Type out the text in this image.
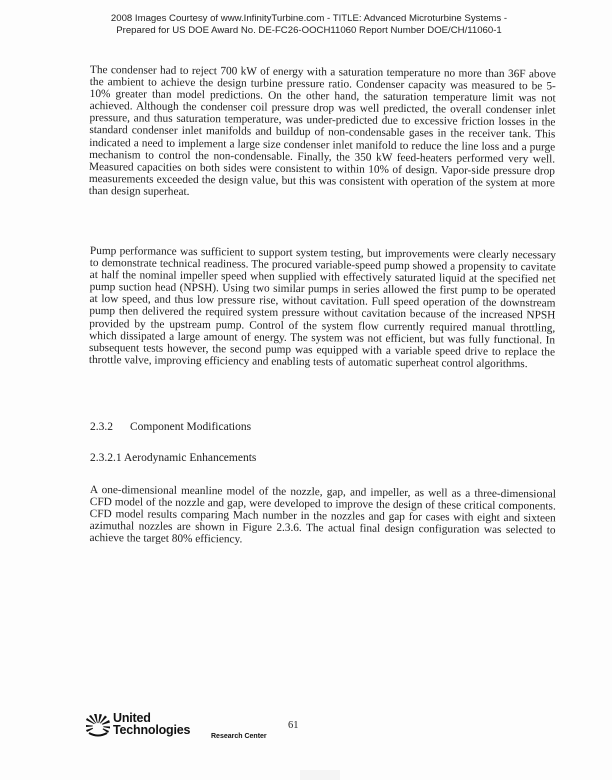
2008 Images Courtesy of www.InfinityTurbine.com - TITLE: Advanced Microturbine Systems -
Prepared for US DOE Award No. DE-FC26-OOCH11060 Report Number DOE/CH/11060-1

The condenser had to reject 700 kW of energy with a saturation temperature no more than 36F above the ambient to achieve the design turbine pressure ratio. Condenser capacity was measured to be 5-10% greater than model predictions. On the other hand, the saturation temperature limit was not achieved. Although the condenser coil pressure drop was well predicted, the overall condenser inlet pressure, and thus saturation temperature, was under-predicted due to excessive friction losses in the standard condenser inlet manifolds and buildup of non-condensable gases in the receiver tank. This indicated a need to implement a large size condenser inlet manifold to reduce the line loss and a purge mechanism to control the non-condensable. Finally, the 350 kW feed-heaters performed very well. Measured capacities on both sides were consistent to within 10% of design. Vapor-side pressure drop measurements exceeded the design value, but this was consistent with operation of the system at more than design superheat.

Pump performance was sufficient to support system testing, but improvements were clearly necessary to demonstrate technical readiness. The procured variable-speed pump showed a propensity to cavitate at half the nominal impeller speed when supplied with effectively saturated liquid at the specified net pump suction head (NPSH). Using two similar pumps in series allowed the first pump to be operated at low speed, and thus low pressure rise, without cavitation. Full speed operation of the downstream pump then delivered the required system pressure without cavitation because of the increased NPSH provided by the upstream pump. Control of the system flow currently required manual throttling, which dissipated a large amount of energy. The system was not efficient, but was fully functional. In subsequent tests however, the second pump was equipped with a variable speed drive to replace the throttle valve, improving efficiency and enabling tests of automatic superheat control algorithms.

2.3.2 Component Modifications
2.3.2.1 Aerodynamic Enhancements

A one-dimensional meanline model of the nozzle, gap, and impeller, as well as a three-dimensional CFD model of the nozzle and gap, were developed to improve the design of these critical components. CFD model results comparing Mach number in the nozzles and gap for cases with eight and sixteen azimuthal nozzles are shown in Figure 2.3.6. The actual final design configuration was selected to achieve the target 80% efficiency.

United
Technologies	61
Research Center
